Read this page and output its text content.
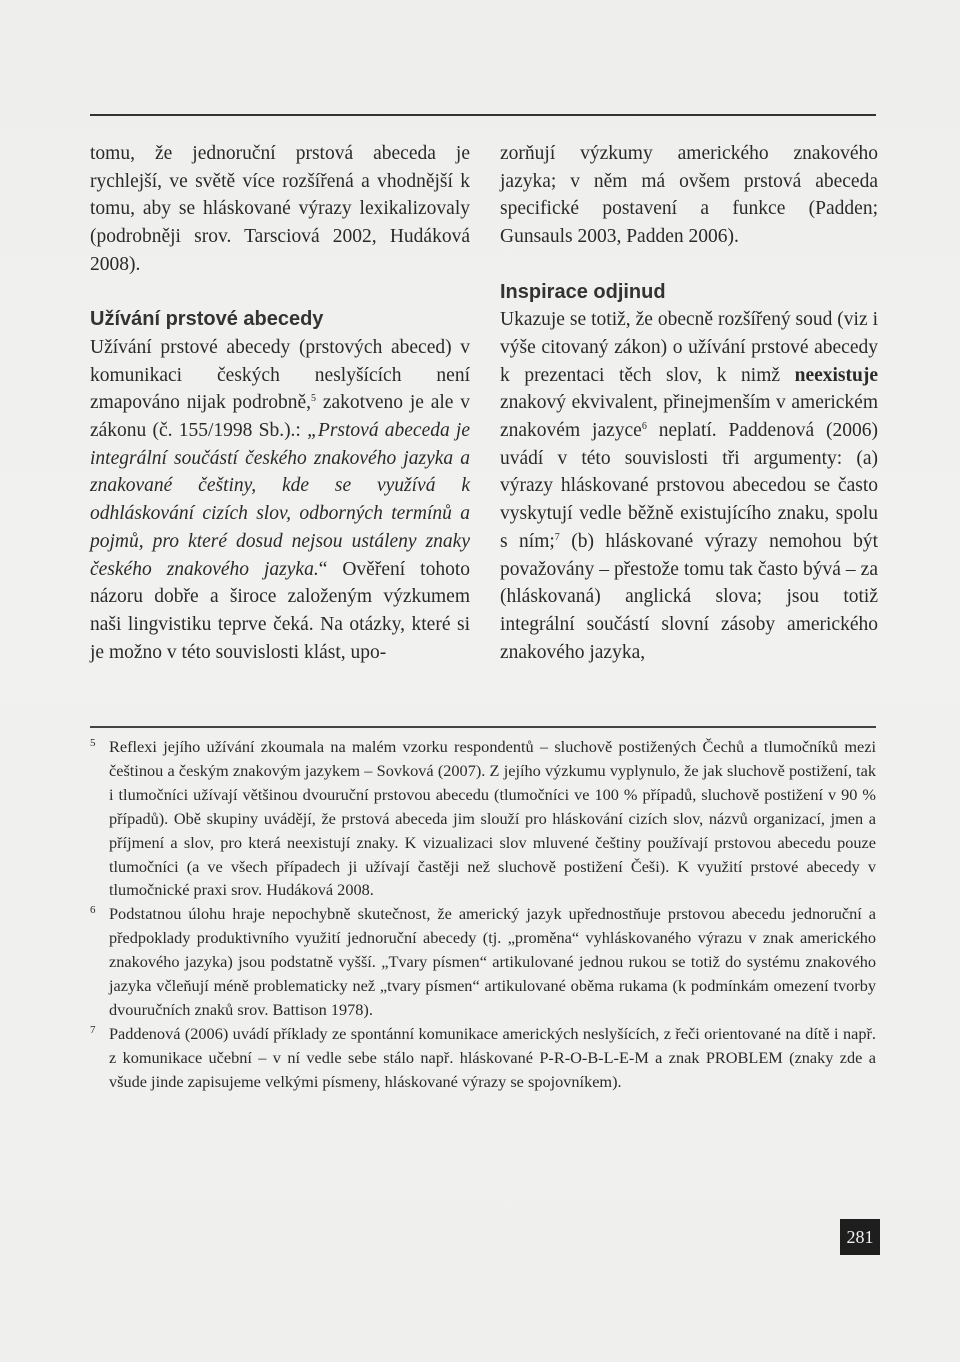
tomu, že jednoruční prstová abeceda je rychlejší, ve světě více rozšířená a vhodnější k tomu, aby se hláskované výrazy lexikalizovaly (podrobněji srov. Tarsciová 2002, Hudáková 2008).

Užívání prstové abecedy

Užívání prstové abecedy (prstových abeced) v komunikaci českých neslyšících není zmapováno nijak podrobně,$^5$ zakotveno je ale v zákonu (č. 155/1998 Sb.).: „Prstová abeceda je integrální součástí českého znakového jazyka a znakované češtiny, kde se využívá k odhláskování cizích slov, odborných termínů a pojmů, pro které dosud nejsou ustáleny znaky českého znakového jazyka.“ Ověření tohoto názoru dobře a široce založeným výzkumem naši lingvistiku teprve čeká. Na otázky, které si je možno v této souvislosti klást, upo-

zorňují výzkumy amerického znakového jazyka; v něm má ovšem prstová abeceda specifické postavení a funkce (Padden; Gunsauls 2003, Padden 2006).

Inspirace odjinud

Ukazuje se totiž, že obecně rozšířený soud (viz i výše citovaný zákon) o užívání prstové abecedy k prezentaci těch slov, k nimž neexistuje znakový ekvivalent, přinejmenším v americkém znakovém jazyce$^6$ neplatí. Paddenová (2006) uvádí v této souvislosti tři argumenty: (a) výrazy hláskované prstovou abecedou se často vyskytují vedle běžně existujícího znaku, spolu s ním;$^7$ (b) hláskované výrazy nemohou být považovány – přestože tomu tak často bývá – za (hláskovaná) anglická slova; jsou totiž integrální součástí slovní zásoby amerického znakového jazyka,

5 Reflexi jejího užívání zkoumala na malém vzorku respondentů – sluchově postižených Čechů a tlumočníků mezi češtinou a českým znakovým jazykem – Sovková (2007). Z jejího výzkumu vyplynulo, že jak sluchově postižení, tak i tlumočníci užívají většinou dvouruční prstovou abecedu (tlumočníci ve 100 % případů, sluchově postižení v 90 % případů). Obě skupiny uvádějí, že prstová abeceda jim slouží pro hláskování cizích slov, názvů organizací, jmen a příjmení a slov, pro která neexistují znaky. K vizualizaci slov mluvené češtiny používají prstovou abecedu pouze tlumočníci (a ve všech případech ji užívají častěji než sluchově postižení Češi). K využití prstové abecedy v tlumočnické praxi srov. Hudáková 2008.

6 Podstatnou úlohu hraje nepochybně skutečnost, že americký jazyk upřednostňuje prstovou abecedu jednoruční a předpoklady produktivního využití jednoruční abecedy (tj. „proměna“ vyhláskovaného výrazu v znak amerického znakového jazyka) jsou podstatně vyšší. „Tvary písmen“ artikulované jednou rukou se totiž do systému znakového jazyka včleňují méně problematicky než „tvary písmen“ artikulované oběma rukama (k podmínkám omezení tvorby dvouručních znaků srov. Battison 1978).

7 Paddenová (2006) uvádí příklady ze spontánní komunikace amerických neslyšících, z řeči orientované na dítě i např. z komunikace učební – v ní vedle sebe stálo např. hláskované P-R-O-B-L-E-M a znak PROBLEM (znaky zde a všude jinde zapisujeme velkými písmeny, hláskované výrazy se spojovníkem).

281
